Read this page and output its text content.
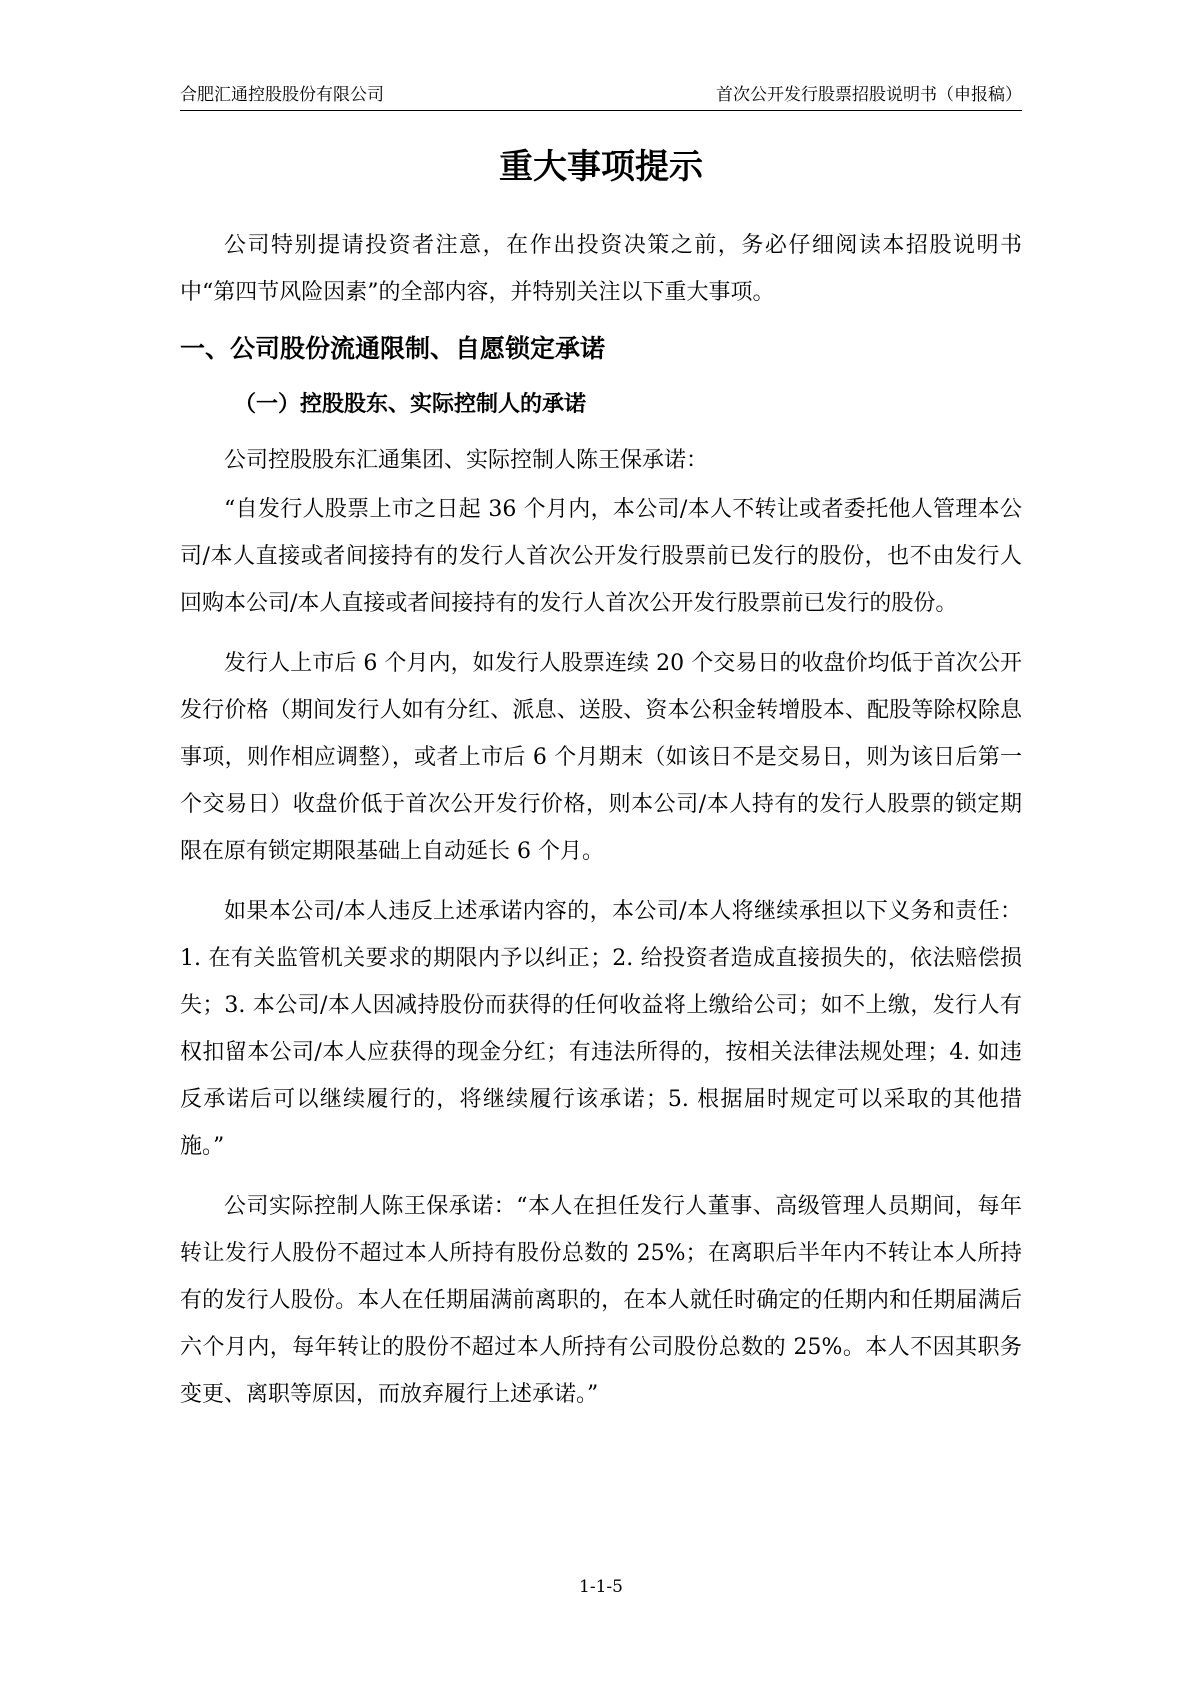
合肥汇通控股股份有限公司	首次公开发行股票招股说明书（申报稿）
重大事项提示

公司特别提请投资者注意，在作出投资决策之前，务必仔细阅读本招股说明书中“第四节风险因素”的全部内容，并特别关注以下重大事项。

一、公司股份流通限制、自愿锁定承诺
（一）控股股东、实际控制人的承诺

公司控股股东汇通集团、实际控制人陈王保承诺：

“自发行人股票上市之日起 36 个月内，本公司/本人不转让或者委托他人管理本公司/本人直接或者间接持有的发行人首次公开发行股票前已发行的股份，也不由发行人回购本公司/本人直接或者间接持有的发行人首次公开发行股票前已发行的股份。

发行人上市后 6 个月内，如发行人股票连续 20 个交易日的收盘价均低于首次公开发行价格（期间发行人如有分红、派息、送股、资本公积金转增股本、配股等除权除息事项，则作相应调整），或者上市后 6 个月期末（如该日不是交易日，则为该日后第一个交易日）收盘价低于首次公开发行价格，则本公司/本人持有的发行人股票的锁定期限在原有锁定期限基础上自动延长 6 个月。

如果本公司/本人违反上述承诺内容的，本公司/本人将继续承担以下义务和责任：1. 在有关监管机关要求的期限内予以纠正；2. 给投资者造成直接损失的，依法赔偿损失；3. 本公司/本人因减持股份而获得的任何收益将上缴给公司；如不上缴，发行人有权扣留本公司/本人应获得的现金分红；有违法所得的，按相关法律法规处理；4. 如违反承诺后可以继续履行的，将继续履行该承诺；5. 根据届时规定可以采取的其他措施。”

公司实际控制人陈王保承诺：“本人在担任发行人董事、高级管理人员期间，每年转让发行人股份不超过本人所持有股份总数的 25%；在离职后半年内不转让本人所持有的发行人股份。本人在任期届满前离职的，在本人就任时确定的任期内和任期届满后六个月内，每年转让的股份不超过本人所持有公司股份总数的 25%。本人不因其职务变更、离职等原因，而放弃履行上述承诺。”

1-1-5
